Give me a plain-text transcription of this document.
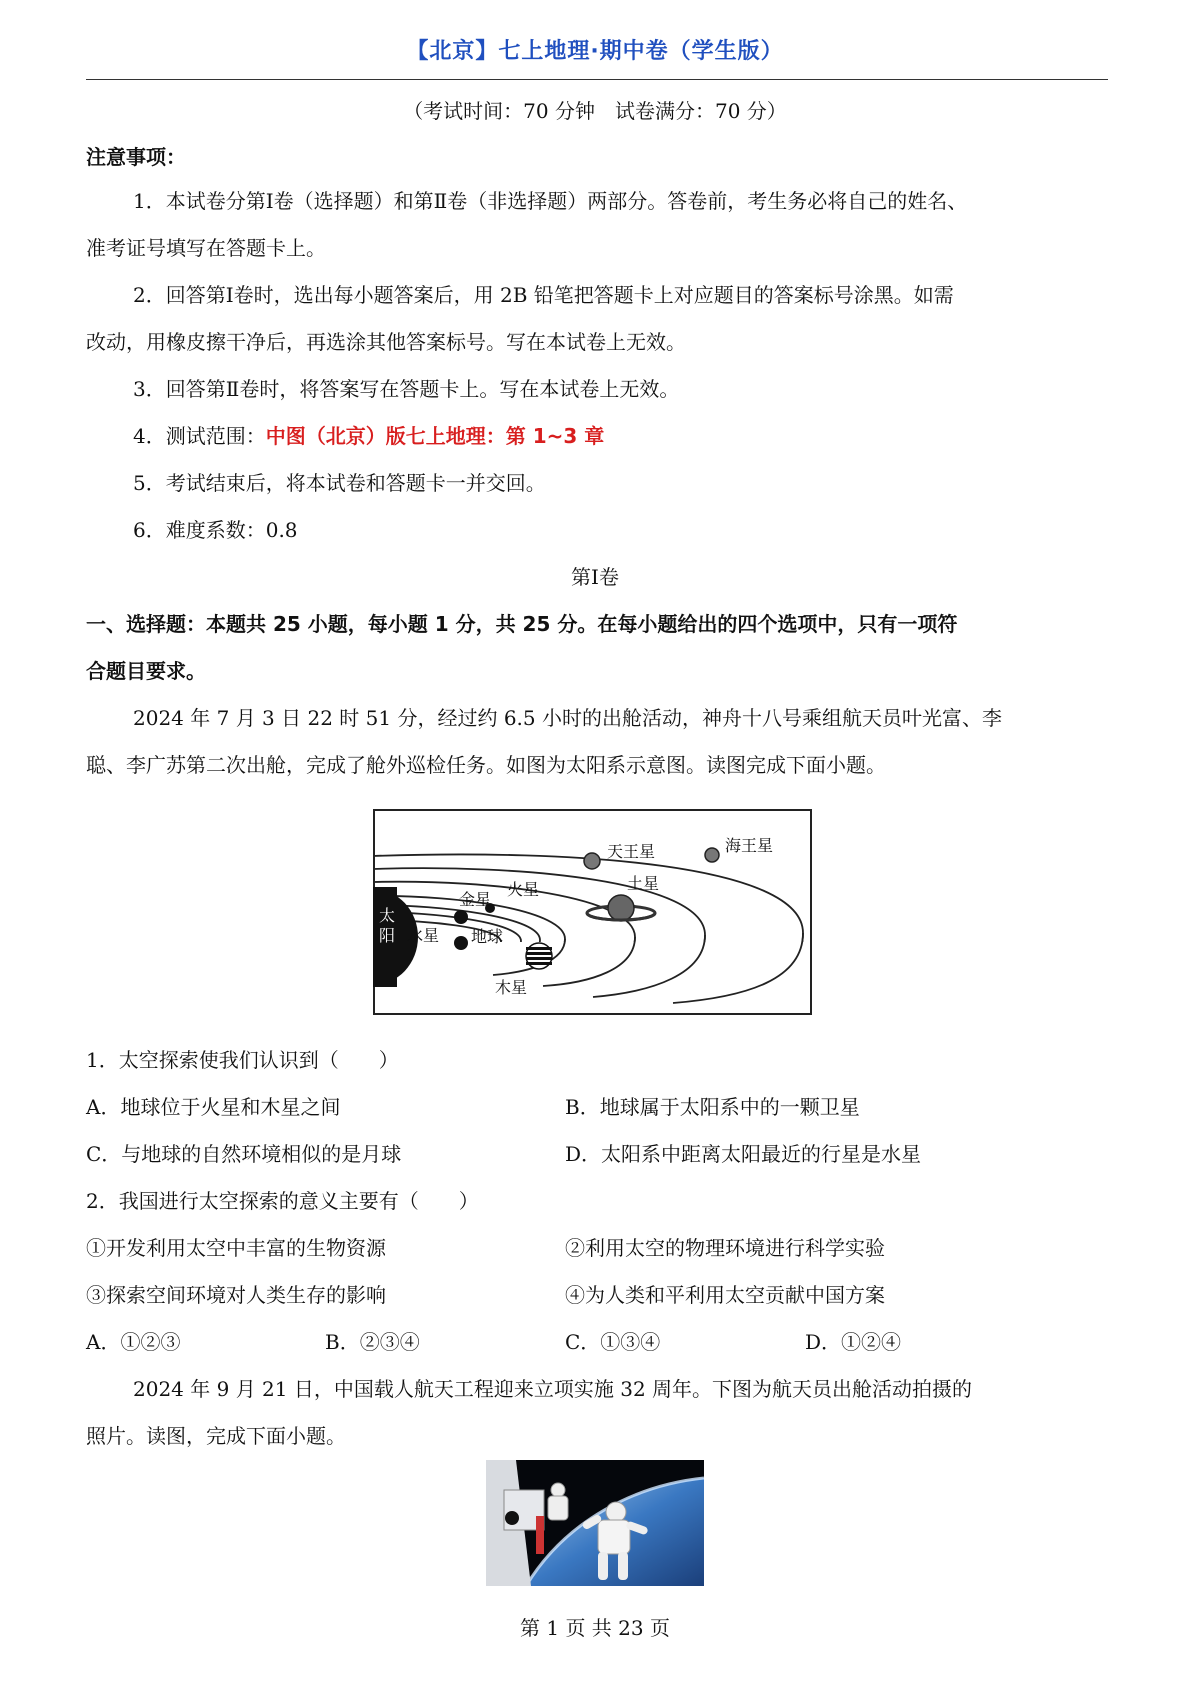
【北京】七上地理·期中卷（学生版）
（考试时间：70 分钟　试卷满分：70 分）
注意事项：
1．本试卷分第Ⅰ卷（选择题）和第Ⅱ卷（非选择题）两部分。答卷前，考生务必将自己的姓名、
准考证号填写在答题卡上。
2．回答第Ⅰ卷时，选出每小题答案后，用 2B 铅笔把答题卡上对应题目的答案标号涂黑。如需
改动，用橡皮擦干净后，再选涂其他答案标号。写在本试卷上无效。
3．回答第Ⅱ卷时，将答案写在答题卡上。写在本试卷上无效。
4．测试范围：中图（北京）版七上地理：第 1~3 章
5．考试结束后，将本试卷和答题卡一并交回。
6．难度系数：0.8
第Ⅰ卷
一、选择题：本题共 25 小题，每小题 1 分，共 25 分。在每小题给出的四个选项中，只有一项符
合题目要求。
2024 年 7 月 3 日 22 时 51 分，经过约 6.5 小时的出舱活动，神舟十八号乘组航天员叶光富、李
聪、李广苏第二次出舱，完成了舱外巡检任务。如图为太阳系示意图。读图完成下面小题。
太
阳 水星
金星
地球
火星
木星
土星
天王星	海王星
1．太空探索使我们认识到（　　）
A．地球位于火星和木星之间	B．地球属于太阳系中的一颗卫星
C．与地球的自然环境相似的是月球	D．太阳系中距离太阳最近的行星是水星
2．我国进行太空探索的意义主要有（　　）
①开发利用太空中丰富的生物资源	②利用太空的物理环境进行科学实验
③探索空间环境对人类生存的影响	④为人类和平利用太空贡献中国方案
A．①②③	B．②③④	C．①③④	D．①②④
2024 年 9 月 21 日，中国载人航天工程迎来立项实施 32 周年。下图为航天员出舱活动拍摄的
照片。读图，完成下面小题。
第 1 页 共 23 页
